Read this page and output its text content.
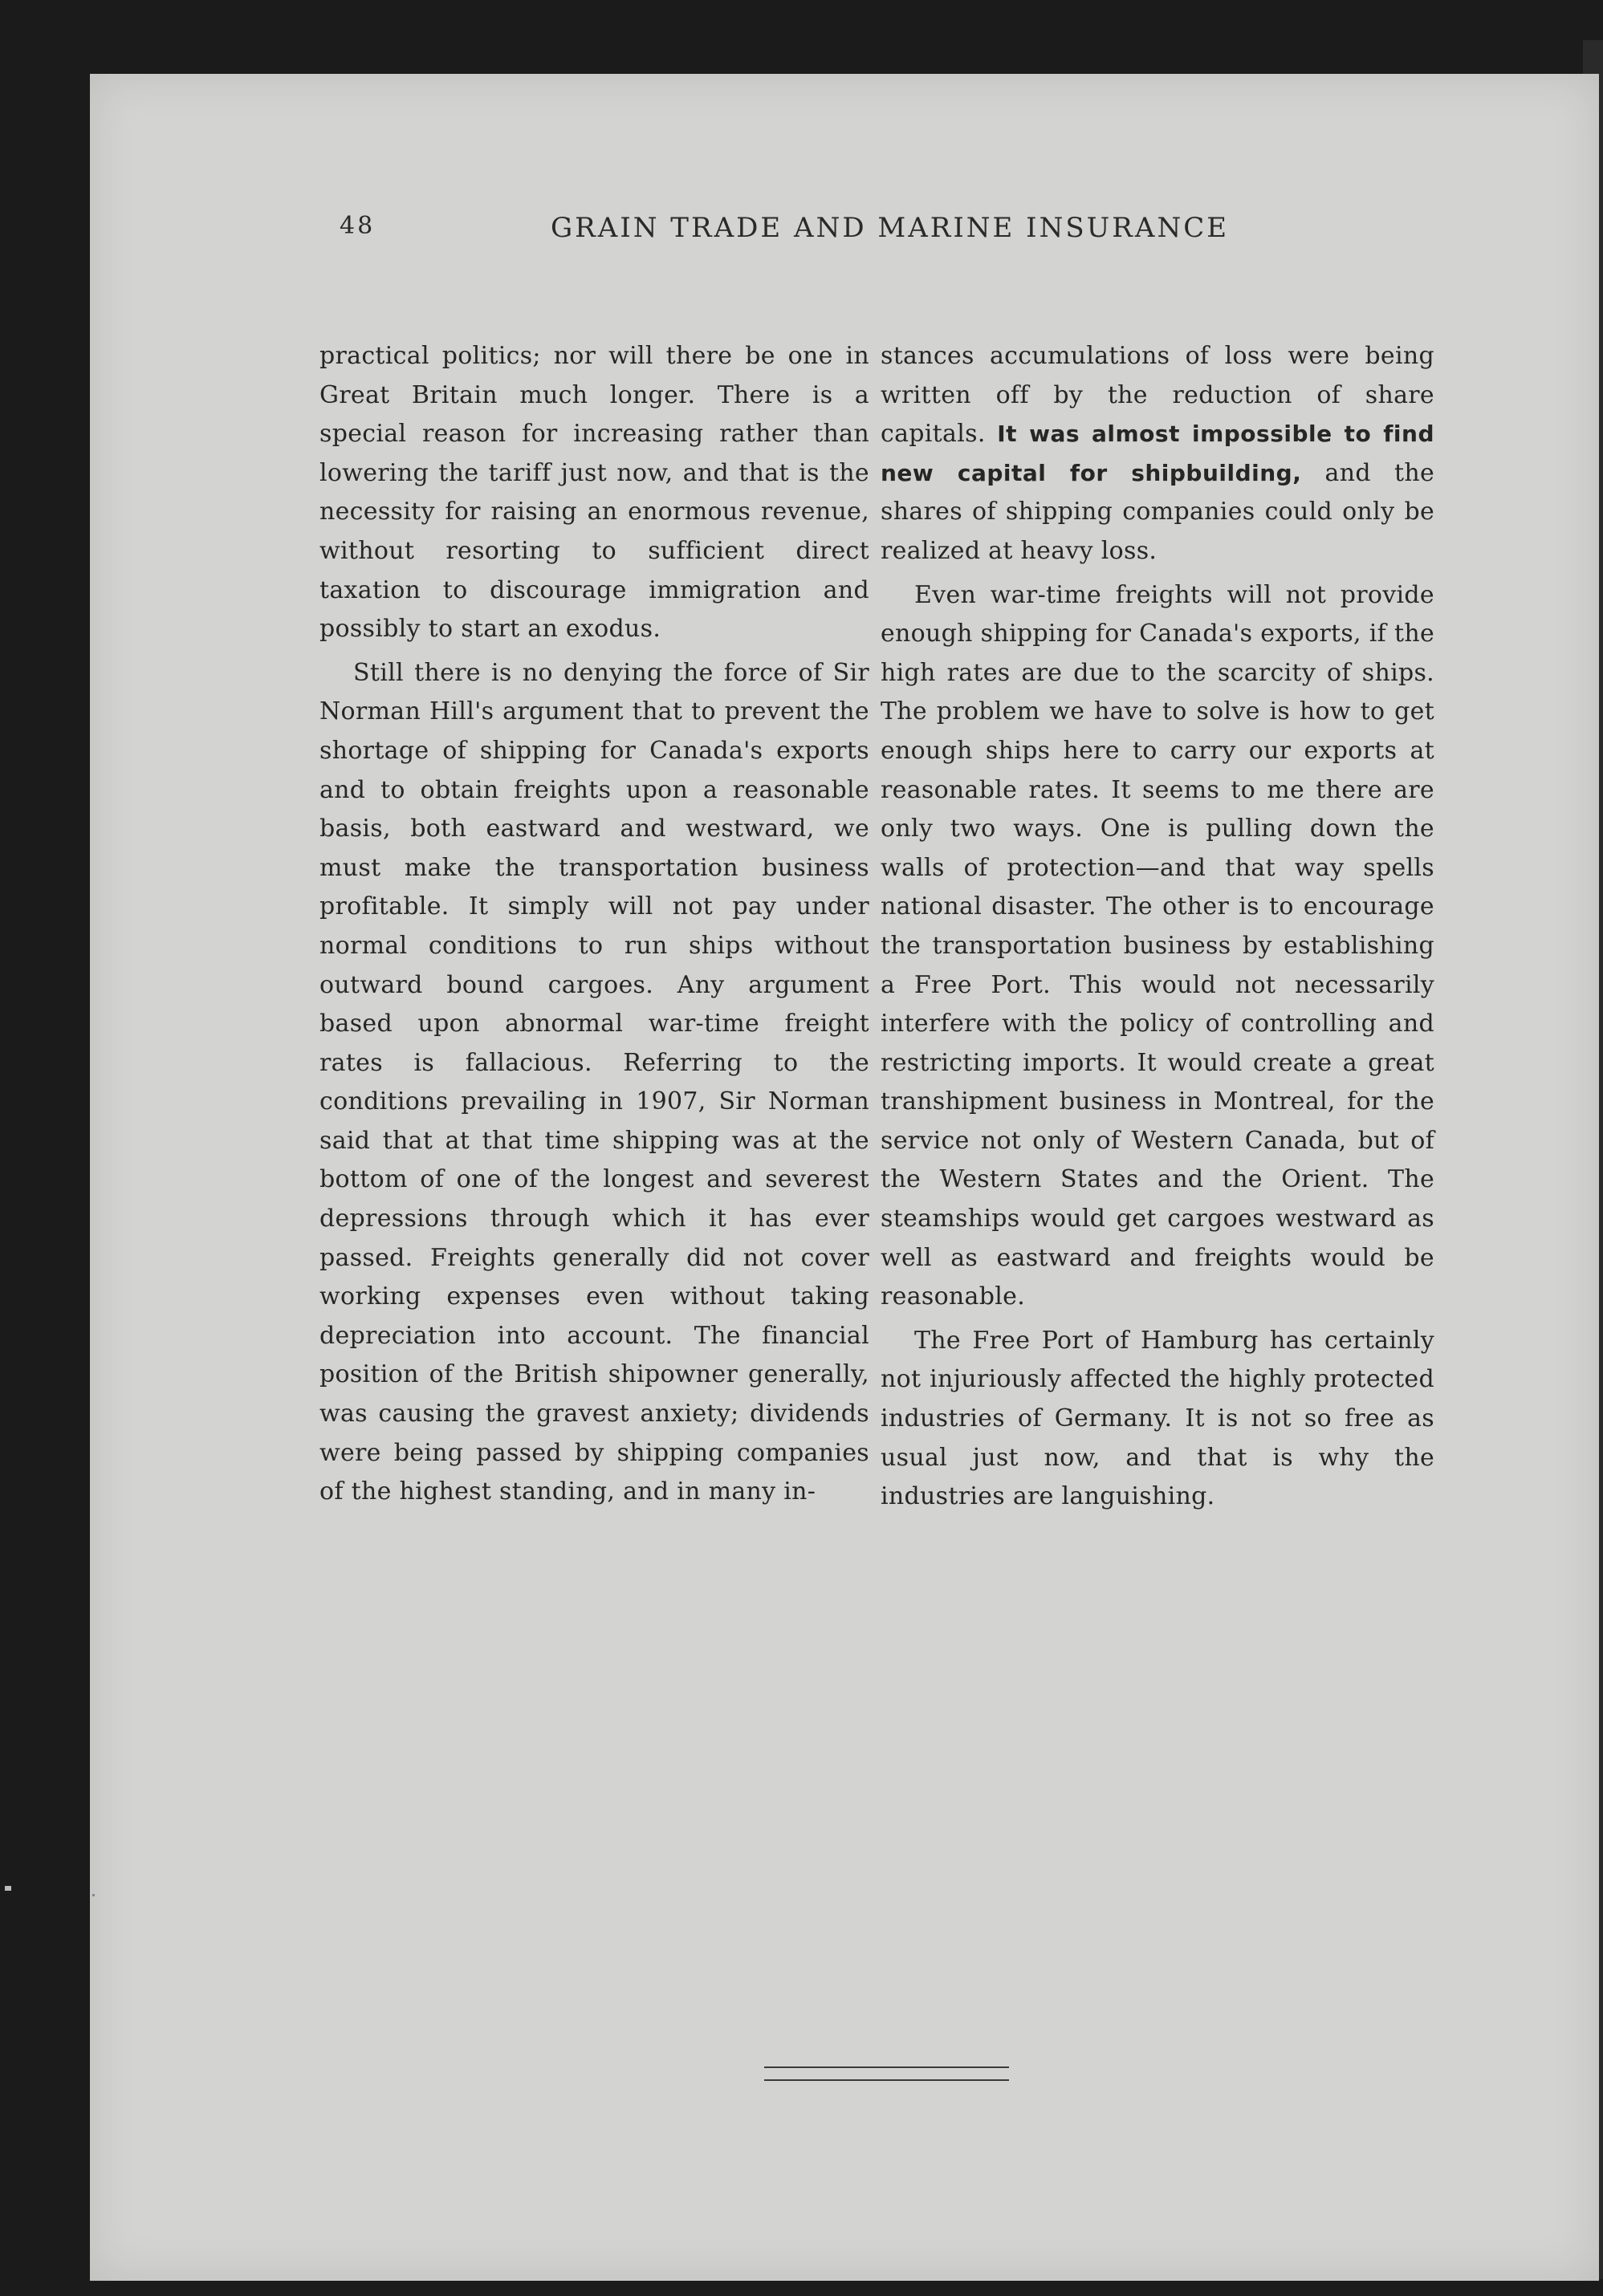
48	GRAIN TRADE AND MARINE INSURANCE

practical politics; nor will there be one in Great Britain much longer. There is a special reason for increasing rather than lowering the tariff just now, and that is the necessity for raising an enormous revenue, without resorting to sufficient direct taxation to discourage immigration and possibly to start an exodus.

Still there is no denying the force of Sir Norman Hill's argument that to prevent the shortage of shipping for Canada's exports and to obtain freights upon a reasonable basis, both eastward and westward, we must make the transportation business profitable. It simply will not pay under normal conditions to run ships without outward bound cargoes. Any argument based upon abnormal war-time freight rates is fallacious. Referring to the conditions prevailing in 1907, Sir Norman said that at that time shipping was at the bottom of one of the longest and severest depressions through which it has ever passed. Freights generally did not cover working expenses even without taking depreciation into account. The financial position of the British shipowner generally, was causing the gravest anxiety; dividends were being passed by shipping companies of the highest standing, and in many in-

stances accumulations of loss were being written off by the reduction of share capitals. It was almost impossible to find new capital for shipbuilding, and the shares of shipping companies could only be realized at heavy loss.

Even war-time freights will not provide enough shipping for Canada's exports, if the high rates are due to the scarcity of ships. The problem we have to solve is how to get enough ships here to carry our exports at reasonable rates. It seems to me there are only two ways. One is pulling down the walls of protection—and that way spells national disaster. The other is to encourage the transportation business by establishing a Free Port. This would not necessarily interfere with the policy of controlling and restricting imports. It would create a great transhipment business in Montreal, for the service not only of Western Canada, but of the Western States and the Orient. The steamships would get cargoes westward as well as eastward and freights would be reasonable.

The Free Port of Hamburg has certainly not injuriously affected the highly protected industries of Germany. It is not so free as usual just now, and that is why the industries are languishing.
